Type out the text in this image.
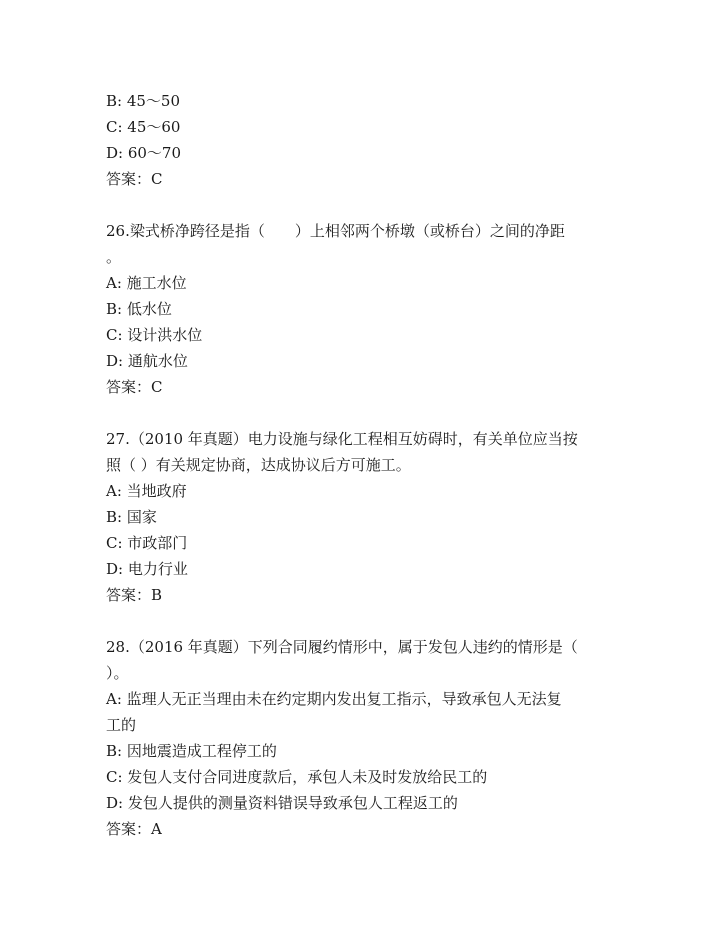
B: 45～50
C: 45～60
D: 60～70
答案：C
26.梁式桥净跨径是指（　　）上相邻两个桥墩（或桥台）之间的净距
。
A: 施工水位
B: 低水位
C: 设计洪水位
D: 通航水位
答案：C
27.（2010 年真题）电力设施与绿化工程相互妨碍时，有关单位应当按
照（ ）有关规定协商，达成协议后方可施工。
A: 当地政府
B: 国家
C: 市政部门
D: 电力行业
答案：B
28.（2016 年真题）下列合同履约情形中，属于发包人违约的情形是（
）。
A: 监理人无正当理由未在约定期内发出复工指示，导致承包人无法复
工的
B: 因地震造成工程停工的
C: 发包人支付合同进度款后，承包人未及时发放给民工的
D: 发包人提供的测量资料错误导致承包人工程返工的
答案：A
